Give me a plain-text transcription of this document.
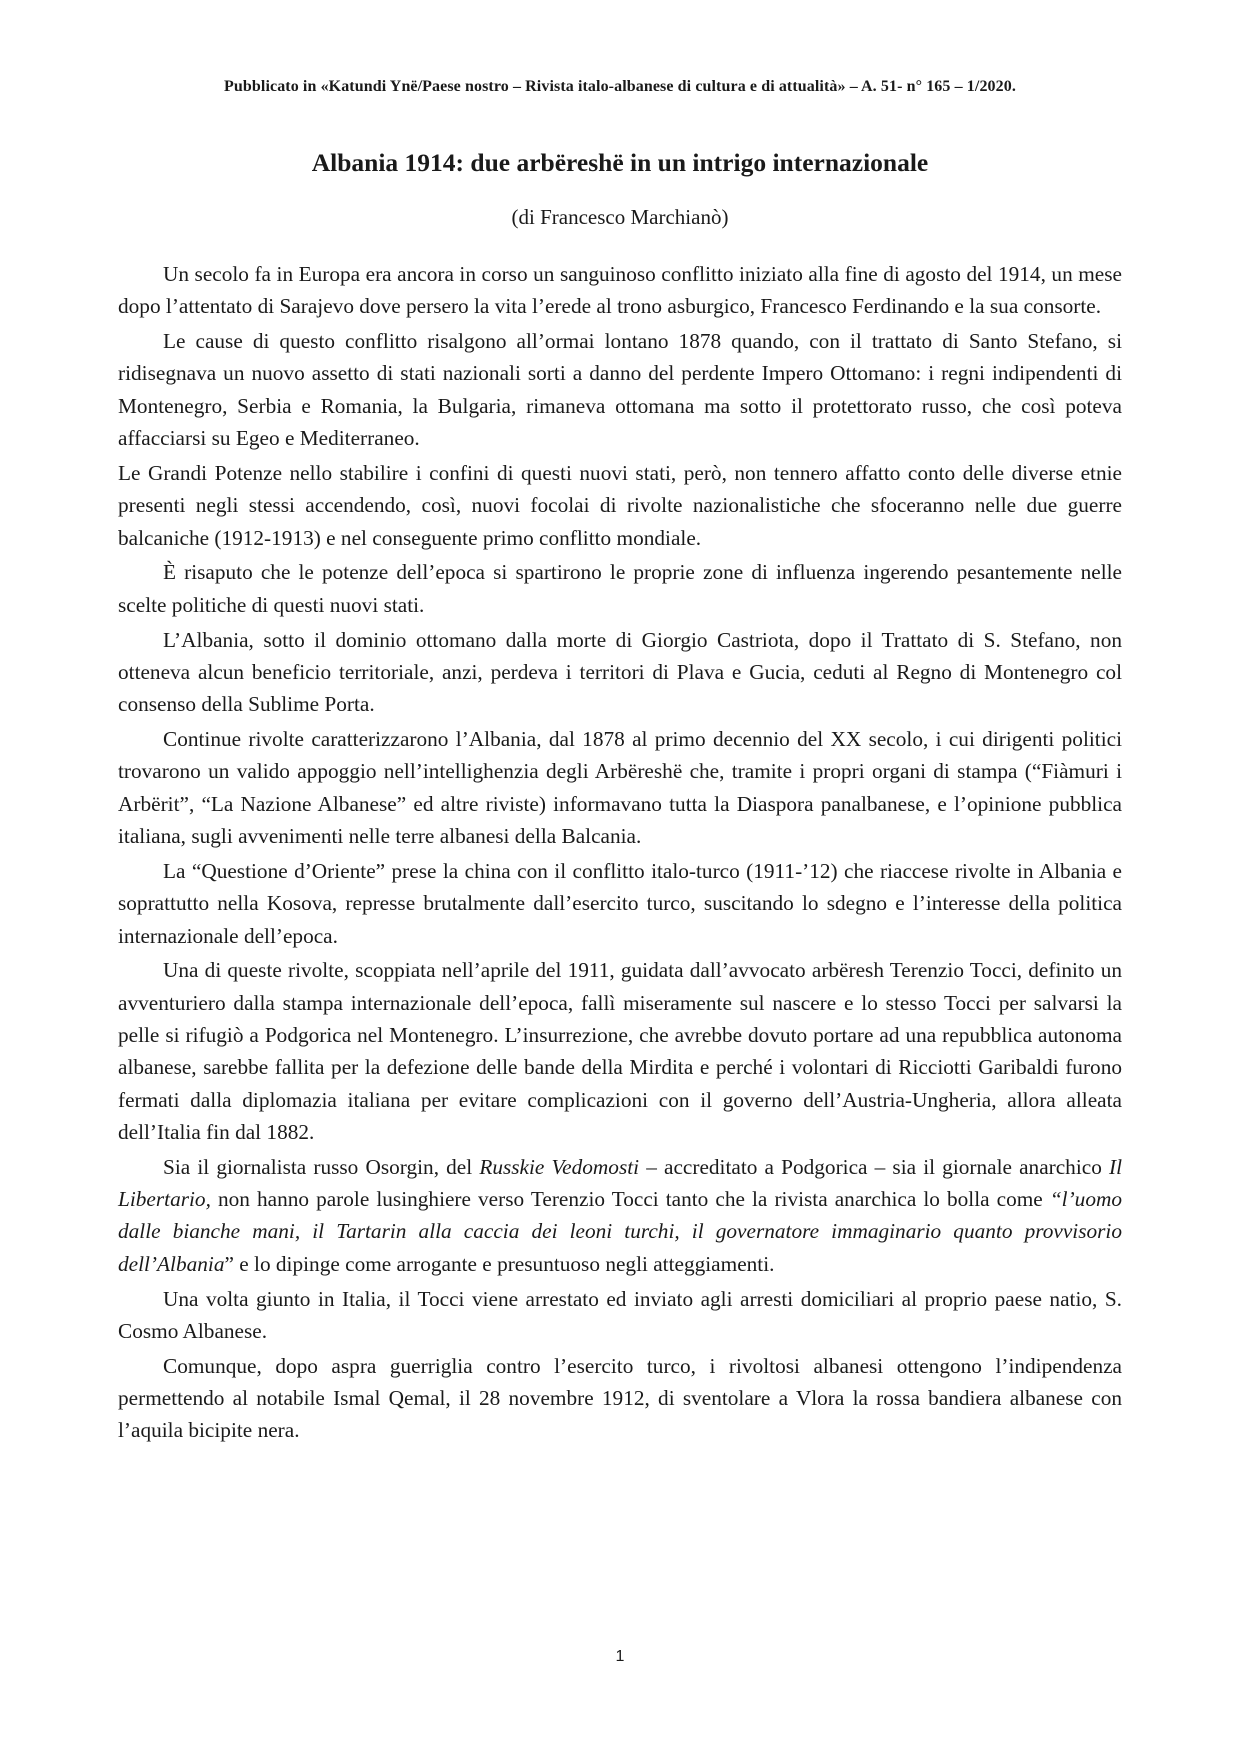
Pubblicato in «Katundi Ynë/Paese nostro – Rivista italo-albanese di cultura e di attualità» – A. 51- n° 165 – 1/2020.
Albania 1914: due arbëreshë in un intrigo internazionale
(di Francesco Marchianò)

Un secolo fa in Europa era ancora in corso un sanguinoso conflitto iniziato alla fine di agosto del 1914, un mese dopo l’attentato di Sarajevo dove persero la vita l’erede al trono asburgico, Francesco Ferdinando e la sua consorte.

Le cause di questo conflitto risalgono all’ormai lontano 1878 quando, con il trattato di Santo Stefano, si ridisegnava un nuovo assetto di stati nazionali sorti a danno del perdente Impero Ottomano: i regni indipendenti di Montenegro, Serbia e Romania, la Bulgaria, rimaneva ottomana ma sotto il protettorato russo, che così poteva affacciarsi su Egeo e Mediterraneo.

Le Grandi Potenze nello stabilire i confini di questi nuovi stati, però, non tennero affatto conto delle diverse etnie presenti negli stessi accendendo, così, nuovi focolai di rivolte nazionalistiche che sfoceranno nelle due guerre balcaniche (1912-1913) e nel conseguente primo conflitto mondiale.

È risaputo che le potenze dell’epoca si spartirono le proprie zone di influenza ingerendo pesantemente nelle scelte politiche di questi nuovi stati.

L’Albania, sotto il dominio ottomano dalla morte di Giorgio Castriota, dopo il Trattato di S. Stefano, non otteneva alcun beneficio territoriale, anzi, perdeva i territori di Plava e Gucia, ceduti al Regno di Montenegro col consenso della Sublime Porta.

Continue rivolte caratterizzarono l’Albania, dal 1878 al primo decennio del XX secolo, i cui dirigenti politici trovarono un valido appoggio nell’intellighenzia degli Arbëreshë che, tramite i propri organi di stampa (“Fiàmuri i Arbërit”, “La Nazione Albanese” ed altre riviste) informavano tutta la Diaspora panalbanese, e l’opinione pubblica italiana, sugli avvenimenti nelle terre albanesi della Balcania.

La “Questione d’Oriente” prese la china con il conflitto italo-turco (1911-’12) che riaccese rivolte in Albania e soprattutto nella Kosova, represse brutalmente dall’esercito turco, suscitando lo sdegno e l’interesse della politica internazionale dell’epoca.

Una di queste rivolte, scoppiata nell’aprile del 1911, guidata dall’avvocato arbëresh Terenzio Tocci, definito un avventuriero dalla stampa internazionale dell’epoca, fallì miseramente sul nascere e lo stesso Tocci per salvarsi la pelle si rifugiò a Podgorica nel Montenegro. L’insurrezione, che avrebbe dovuto portare ad una repubblica autonoma albanese, sarebbe fallita per la defezione delle bande della Mirdita e perché i volontari di Ricciotti Garibaldi furono fermati dalla diplomazia italiana per evitare complicazioni con il governo dell’Austria-Ungheria, allora alleata dell’Italia fin dal 1882.

Sia il giornalista russo Osorgin, del Russkie Vedomosti – accreditato a Podgorica – sia il giornale anarchico Il Libertario, non hanno parole lusinghiere verso Terenzio Tocci tanto che la rivista anarchica lo bolla come “l’uomo dalle bianche mani, il Tartarin alla caccia dei leoni turchi, il governatore immaginario quanto provvisorio dell’Albania” e lo dipinge come arrogante e presuntuoso negli atteggiamenti.

Una volta giunto in Italia, il Tocci viene arrestato ed inviato agli arresti domiciliari al proprio paese natio, S. Cosmo Albanese.

Comunque, dopo aspra guerriglia contro l’esercito turco, i rivoltosi albanesi ottengono l’indipendenza permettendo al notabile Ismal Qemal, il 28 novembre 1912, di sventolare a Vlora la rossa bandiera albanese con l’aquila bicipite nera.

1
